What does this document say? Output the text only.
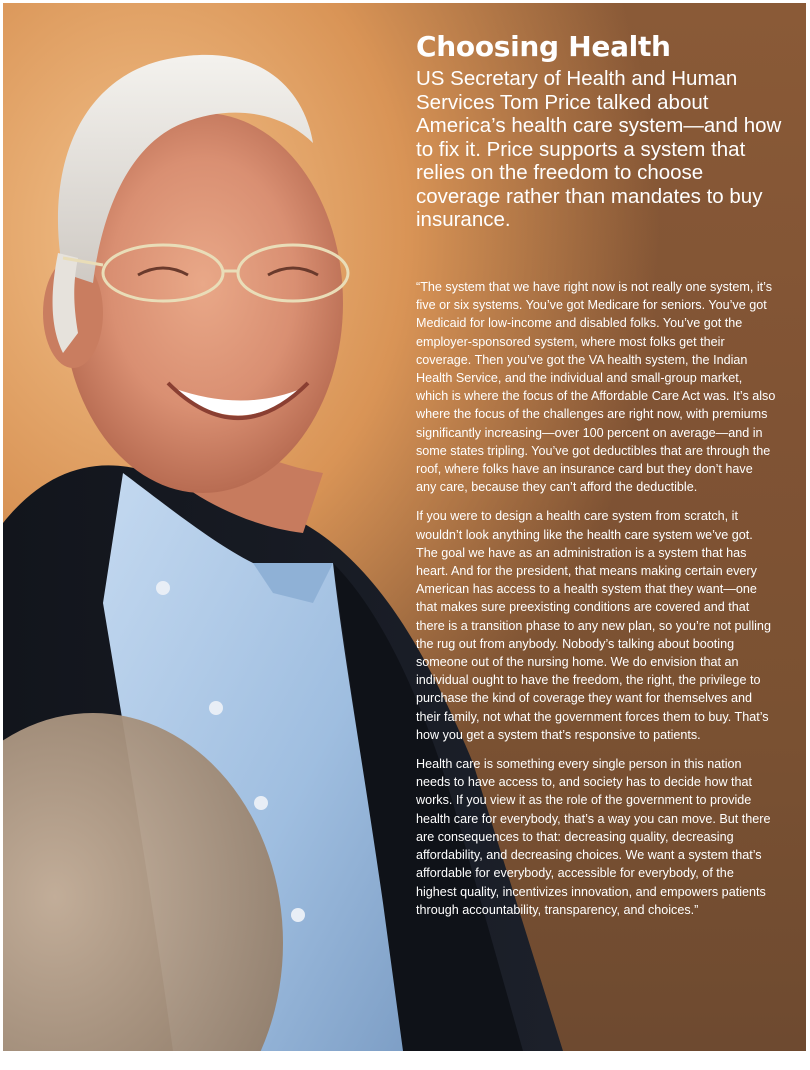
Choosing Health

US Secretary of Health and Human Services Tom Price talked about America’s health care system—and how to fix it. Price supports a system that relies on the freedom to choose coverage rather than mandates to buy insurance.

“The system that we have right now is not really one system, it’s five or six systems. You’ve got Medicare for seniors. You’ve got Medicaid for low-income and disabled folks. You’ve got the employer-sponsored system, where most folks get their coverage. Then you’ve got the VA health system, the Indian Health Service, and the individual and small-group market, which is where the focus of the Affordable Care Act was. It’s also where the focus of the challenges are right now, with premiums significantly increasing—over 100 percent on average—and in some states tripling. You’ve got deductibles that are through the roof, where folks have an insurance card but they don’t have any care, because they can’t afford the deductible.

If you were to design a health care system from scratch, it wouldn’t look anything like the health care system we’ve got. The goal we have as an administration is a system that has heart. And for the president, that means making certain every American has access to a health system that they want—one that makes sure preexisting conditions are covered and that there is a transition phase to any new plan, so you’re not pulling the rug out from anybody. Nobody’s talking about booting someone out of the nursing home. We do envision that an individual ought to have the freedom, the right, the privilege to purchase the kind of coverage they want for themselves and their family, not what the government forces them to buy. That’s how you get a system that’s responsive to patients.

Health care is something every single person in this nation needs to have access to, and society has to decide how that works. If you view it as the role of the government to provide health care for everybody, that’s a way you can move. But there are consequences to that: decreasing quality, decreasing affordability, and decreasing choices. We want a system that’s affordable for everybody, accessible for everybody, of the highest quality, incentivizes innovation, and empowers patients through accountability, transparency, and choices.”
